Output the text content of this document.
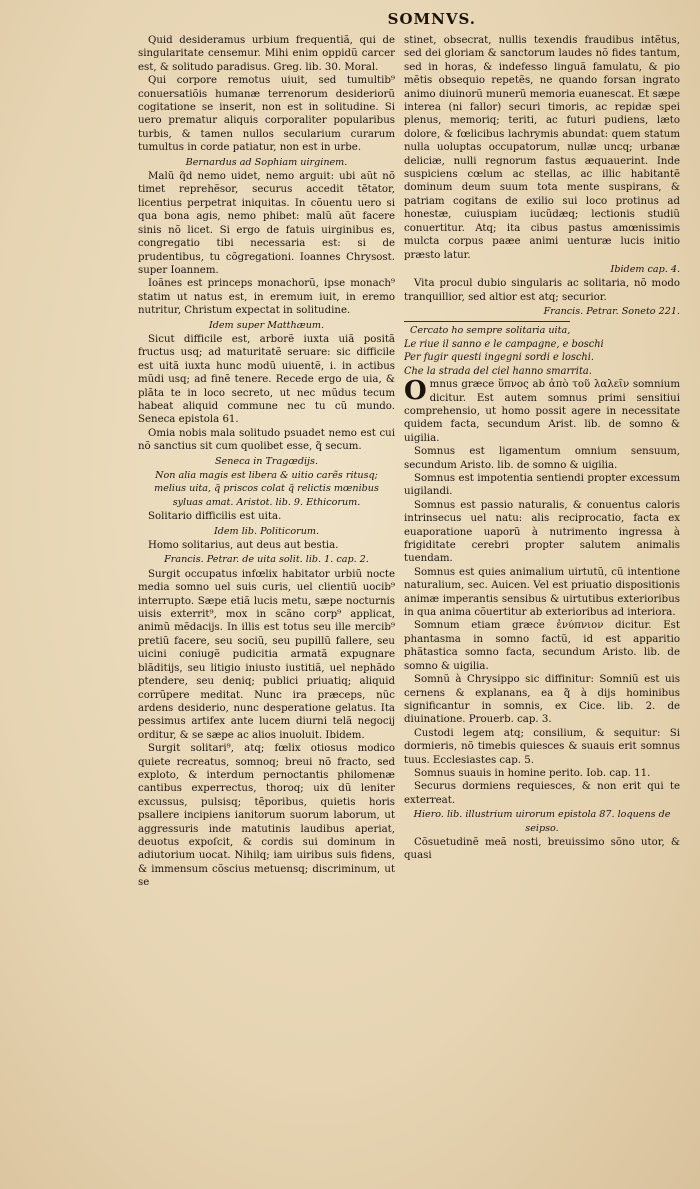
SOMNVS.

Quid desideramus urbium frequentiã, qui de singularitate censemur. Mihi enim oppidũ carcer est, & solitudo paradisus. Greg. lib. 30. Moral.

Qui corpore remotus uiuit, sed tumultib⁹ conuersatiõis humanæ terrenorum desideriorũ cogitatione se inserit, non est in solitudine. Si uero prematur aliquis corporaliter popularibus turbis, & tamen nullos secularium curarum tumultus in corde patiatur, non est in urbe.

Bernardus ad Sophiam uirginem.

Malũ q̃d nemo uidet, nemo arguit: ubi aũt nõ timet reprehẽsor, securus accedit tẽtator, licentius perpetrat iniquitas. In cõuentu uero si qua bona agis, nemo phibet: malũ aũt facere sinis nõ licet. Si ergo de fatuis uirginibus es, congregatio tibi necessaria est: si de prudentibus, tu cõgregationi. Ioannes Chrysost. super Ioannem.

Ioãnes est princeps monachorũ, ipse monach⁹ statim ut natus est, in eremum iuit, in eremo nutritur, Christum expectat in solitudine.

Idem super Matthæum.

Sicut difficile est, arborẽ iuxta uiã positã fructus usq; ad maturitatẽ seruare: sic difficile est uitã iuxta hunc modũ uiuentẽ, i. in actibus mũdi usq; ad finẽ tenere. Recede ergo de uia, & plãta te in loco secreto, ut nec mũdus tecum habeat aliquid commune nec tu cũ mundo. Seneca epistola 61.

Omia nobis mala solitudo psuadet nemo est cui nõ sanctius sit cum quolibet esse, q̃ secum.

Seneca in Tragœdijs.

Non alia magis est libera & uitio carẽs ritusq; melius uita, q̃ priscos colat q̃ relictis mœnibus syluas amat. Aristot. lib. 9. Ethicorum.

Solitario difficilis est uita.

Idem lib. Politicorum.

Homo solitarius, aut deus aut bestia.

Francis. Petrar. de uita solit. lib. 1. cap. 2.

Surgit occupatus infœlix habitator urbiũ nocte media somno uel suis curis, uel clientiũ uocib⁹ interrupto. Sæpe etiã lucis metu, sæpe nocturnis uisis exterrit⁹, mox in scãno corp⁹ applicat, animũ mẽdacijs. In illis est totus seu ille mercib⁹ pretiũ facere, seu sociũ, seu pupillũ fallere, seu uicini coniugẽ pudicitia armatã expugnare blãditijs, seu litigio iniusto iustitiã, uel nephãdo ptendere, seu deniq; publici priuatiq; aliquid corrũpere meditat. Nunc ira præceps, nũc ardens desiderio, nunc desperatione gelatus. Ita pessimus artifex ante lucem diurni telã negocij orditur, & se sæpe ac alios inuoluit. Ibidem.

Surgit solitari⁹, atq; fœlix otiosus modico quiete recreatus, somnoq; breui nõ fracto, sed exploto, & interdum pernoctantis philomenæ cantibus experrectus, thoroq; uix dũ leniter excussus, pulsisq; tẽporibus, quietis horis psallere incipiens ianitorum suorum laborum, ut aggressuris inde matutinis laudibus aperiat, deuotus expoſcit, & cordis sui dominum in adiutorium uocat. Nihilq; iam uiribus suis fidens, & immensum cõscius metuensq; discriminum, ut se

stinet, obsecrat, nullis texendis fraudibus intẽtus, sed dei gloriam & sanctorum laudes nõ fides tantum, sed in horas, & indefesso linguã famulatu, & pio mẽtis obsequio repetẽs, ne quando forsan ingrato animo diuinorũ munerũ memoria euanescat. Et sæpe interea (ni fallor) securi timoris, ac repidæ spei plenus, memoriq; teriti, ac futuri pudiens, læto dolore, & fœlicibus lachrymis abundat: quem statum nulla uoluptas occupatorum, nullæ uncq; urbanæ deliciæ, nulli regnorum fastus æquauerint. Inde suspiciens cœlum ac stellas, ac illic habitantẽ dominum deum suum tota mente suspirans, & patriam cogitans de exilio sui loco protinus ad honestæ, cuiuspiam iucũdæq; lectionis studiũ conuertitur. Atq; ita cibus pastus amœnissimis mulcta corpus paæe animi uenturæ lucis initio præsto latur.

Ibidem cap. 4.

Vita procul dubio singularis ac solitaria, nõ modo tranquillior, sed altior est atq; securior.

Francis. Petrar. Soneto 221.

Cercato ho sempre solitaria uita,

Le riue il sanno e le campagne, e boschi

Per fugir questi ingegni sordi e loschi.

Che la strada del ciel hanno smarrita.

Omnus græce ὕπνος ab ἀπὸ τοῦ λαλεῖν somnium dicitur. Est autem somnus primi sensitiui comprehensio, ut homo possit agere in necessitate quidem facta, secundum Arist. lib. de somno & uigilia.

Somnus est ligamentum omnium sensuum, secundum Aristo. lib. de somno & uigilia.

Somnus est impotentia sentiendi propter excessum uigilandi.

Somnus est passio naturalis, & conuentus caloris intrinsecus uel natu: alis reciprocatio, facta ex euaporatione uaporũ à nutrimento ingressa à frigiditate cerebri propter salutem animalis tuendam.

Somnus est quies animalium uirtutũ, cũ intentione naturalium, sec. Auicen. Vel est priuatio dispositionis animæ imperantis sensibus & uirtutibus exterioribus in qua anima cõuertitur ab exterioribus ad interiora.

Somnum etiam græce ἐνύπνιον dicitur. Est phantasma in somno factũ, id est apparitio phãtastica somno facta, secundum Aristo. lib. de somno & uigilia.

Somnũ à Chrysippo sic diffinitur: Somniũ est uis cernens & explanans, ea q̃ à dijs hominibus significantur in somnis, ex Cice. lib. 2. de diuinatione. Prouerb. cap. 3.

Custodi legem atq; consilium, & sequitur: Si dormieris, nõ timebis quiesces & suauis erit somnus tuus. Ecclesiastes cap. 5.

Somnus suauis in homine perito. Iob. cap. 11.

Securus dormiens requiesces, & non erit qui te exterreat.

Hiero. lib. illustrium uirorum epistola 87. loquens de seipso.

Cõsuetudinẽ meã nosti, breuissimo sõno utor, & quasi
